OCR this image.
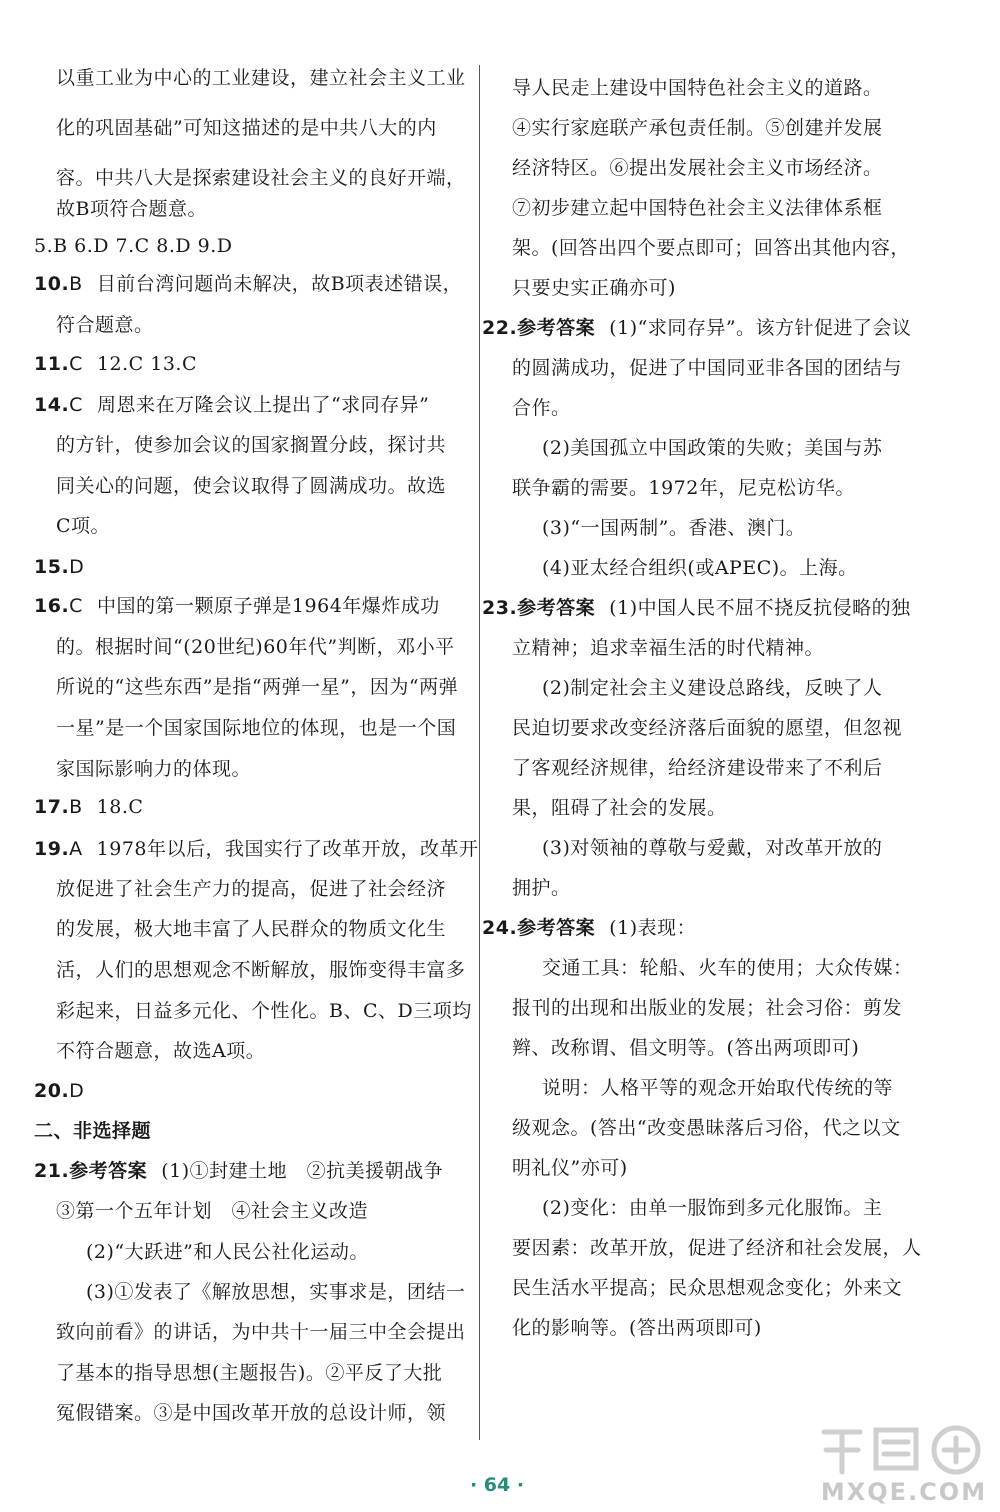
以重工业为中心的工业建设，建立社会主义工业
化的巩固基础”可知这描述的是中共八大的内
容。中共八大是探索建设社会主义的良好开端，
故B项符合题意。
5.B 6.D 7.C 8.D 9.D
10.B 目前台湾问题尚未解决，故B项表述错误，
符合题意。
11.C 12.C 13.C
14.C 周恩来在万隆会议上提出了“求同存异”
的方针，使参加会议的国家搁置分歧，探讨共
同关心的问题，使会议取得了圆满成功。故选
C项。
15.D
16.C 中国的第一颗原子弹是1964年爆炸成功
的。根据时间“(20世纪)60年代”判断，邓小平
所说的“这些东西”是指“两弹一星”，因为“两弹
一星”是一个国家国际地位的体现，也是一个国
家国际影响力的体现。
17.B 18.C
19.A 1978年以后，我国实行了改革开放，改革开
放促进了社会生产力的提高，促进了社会经济
的发展，极大地丰富了人民群众的物质文化生
活，人们的思想观念不断解放，服饰变得丰富多
彩起来，日益多元化、个性化。B、C、D三项均
不符合题意，故选A项。
20.D
二、非选择题
21.参考答案 (1)①封建土地　②抗美援朝战争
③第一个五年计划　④社会主义改造
(2)“大跃进”和人民公社化运动。
(3)①发表了《解放思想，实事求是，团结一
致向前看》的讲话，为中共十一届三中全会提出
了基本的指导思想(主题报告)。②平反了大批
冤假错案。③是中国改革开放的总设计师，领
导人民走上建设中国特色社会主义的道路。
④实行家庭联产承包责任制。⑤创建并发展
经济特区。⑥提出发展社会主义市场经济。
⑦初步建立起中国特色社会主义法律体系框
架。(回答出四个要点即可；回答出其他内容，
只要史实正确亦可)
22.参考答案 (1)“求同存异”。该方针促进了会议
的圆满成功，促进了中国同亚非各国的团结与
合作。
(2)美国孤立中国政策的失败；美国与苏
联争霸的需要。1972年，尼克松访华。
(3)“一国两制”。香港、澳门。
(4)亚太经合组织(或APEC)。上海。
23.参考答案 (1)中国人民不屈不挠反抗侵略的独
立精神；追求幸福生活的时代精神。
(2)制定社会主义建设总路线，反映了人
民迫切要求改变经济落后面貌的愿望，但忽视
了客观经济规律，给经济建设带来了不利后
果，阻碍了社会的发展。
(3)对领袖的尊敬与爱戴，对改革开放的
拥护。
24.参考答案 (1)表现：
交通工具：轮船、火车的使用；大众传媒：
报刊的出现和出版业的发展；社会习俗：剪发
辫、改称谓、倡文明等。(答出两项即可)
说明：人格平等的观念开始取代传统的等
级观念。(答出“改变愚昧落后习俗，代之以文
明礼仪”亦可)
(2)变化：由单一服饰到多元化服饰。主
要因素：改革开放，促进了经济和社会发展，人
民生活水平提高；民众思想观念变化；外来文
化的影响等。(答出两项即可)
· 64 ·	MXQE.COM
